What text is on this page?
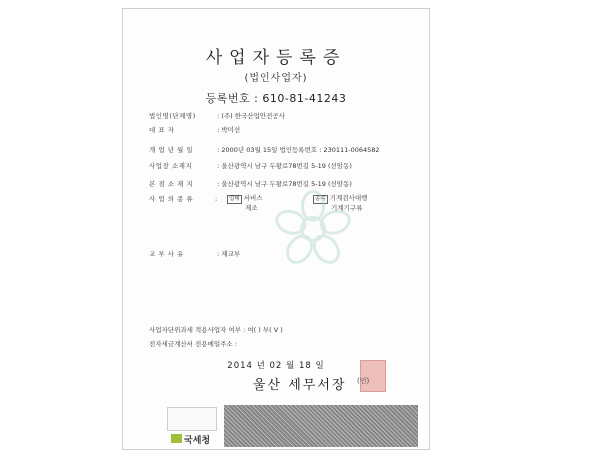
사업자등록증
(법인사업자)
등록번호 : 610-81-41243
법인명(단체명)	: (주) 한국산업안전공사
대 표 자	: 박미선
개 업 년 월 일	: 2000년 03월 15일 법인등록번호 : 230111-0064582
사업장 소재지	: 울산광역시 남구 두왕로78번길 5-19 (선암동)
본 점 소 재 지	: 울산광역시 남구 두왕로78번길 5-19 (선암동)
사 업 의 종 류	:	업태 서비스
제조
종목 기계검사대행
기계기구류
교 부 사 유	: 재교부
사업자단위과세 적용사업자 여부 : 여( ) 부( V )
전자세금계산서 전용메일주소 :
2014 년 02 월 18 일
울산 세무서장 (인)
국세청
